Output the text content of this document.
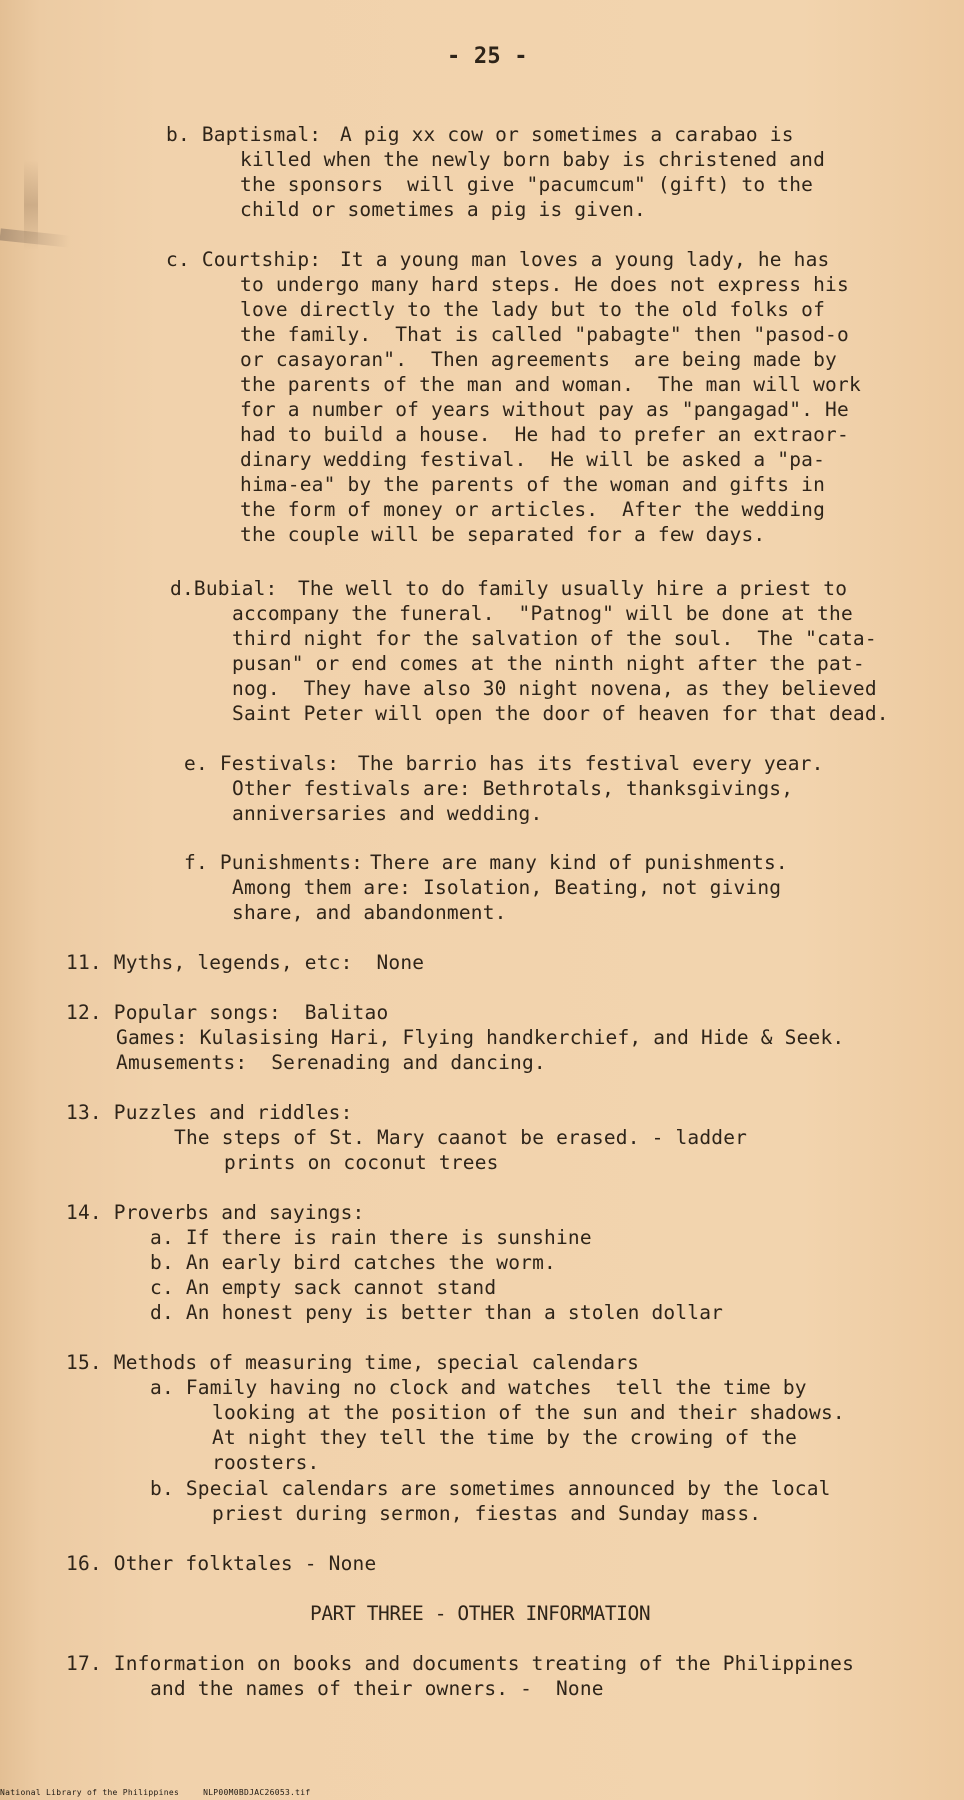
- 25 -

b. Baptismal: A pig xx cow or sometimes a carabao is

killed when the newly born baby is christened and

the sponsors  will give "pacumcum" (gift) to the

child or sometimes a pig is given.

c. Courtship: It a young man loves a young lady, he has

to undergo many hard steps. He does not express his

love directly to the lady but to the old folks of

the family.  That is called "pabagte" then "pasod-o

or casayoran".  Then agreements  are being made by

the parents of the man and woman.  The man will work

for a number of years without pay as "pangagad". He

had to build a house.  He had to prefer an extraor-

dinary wedding festival.  He will be asked a "pa-

hima-ea" by the parents of the woman and gifts in

the form of money or articles.  After the wedding

the couple will be separated for a few days.

d.Bubial: The well to do family usually hire a priest to

accompany the funeral.  "Patnog" will be done at the

third night for the salvation of the soul.  The "cata-

pusan" or end comes at the ninth night after the pat-

nog.  They have also 30 night novena, as they believed

Saint Peter will open the door of heaven for that dead.

e. Festivals:

The barrio has its festival every year.

Other festivals are: Bethrotals, thanksgivings,

anniversaries and wedding.

f. Punishments:

There are many kind of punishments.

Among them are: Isolation, Beating, not giving

share, and abandonment.

11. Myths, legends, etc:  None

12. Popular songs:  Balitao

Games: Kulasising Hari, Flying handkerchief, and Hide & Seek.

Amusements:  Serenading and dancing.

13. Puzzles and riddles:

The steps of St. Mary caanot be erased. - ladder

prints on coconut trees

14. Proverbs and sayings:

a. If there is rain there is sunshine

b. An early bird catches the worm.

c. An empty sack cannot stand

d. An honest peny is better than a stolen dollar

15. Methods of measuring time, special calendars

a. Family having no clock and watches  tell the time by

looking at the position of the sun and their shadows.

At night they tell the time by the crowing of the

roosters.

b. Special calendars are sometimes announced by the local

priest during sermon, fiestas and Sunday mass.

16. Other folktales - None

PART THREE - OTHER INFORMATION

17. Information on books and documents treating of the Philippines

and the names of their owners. -  None

National Library of the Philippines	NLP00M0BDJAC26053.tif
